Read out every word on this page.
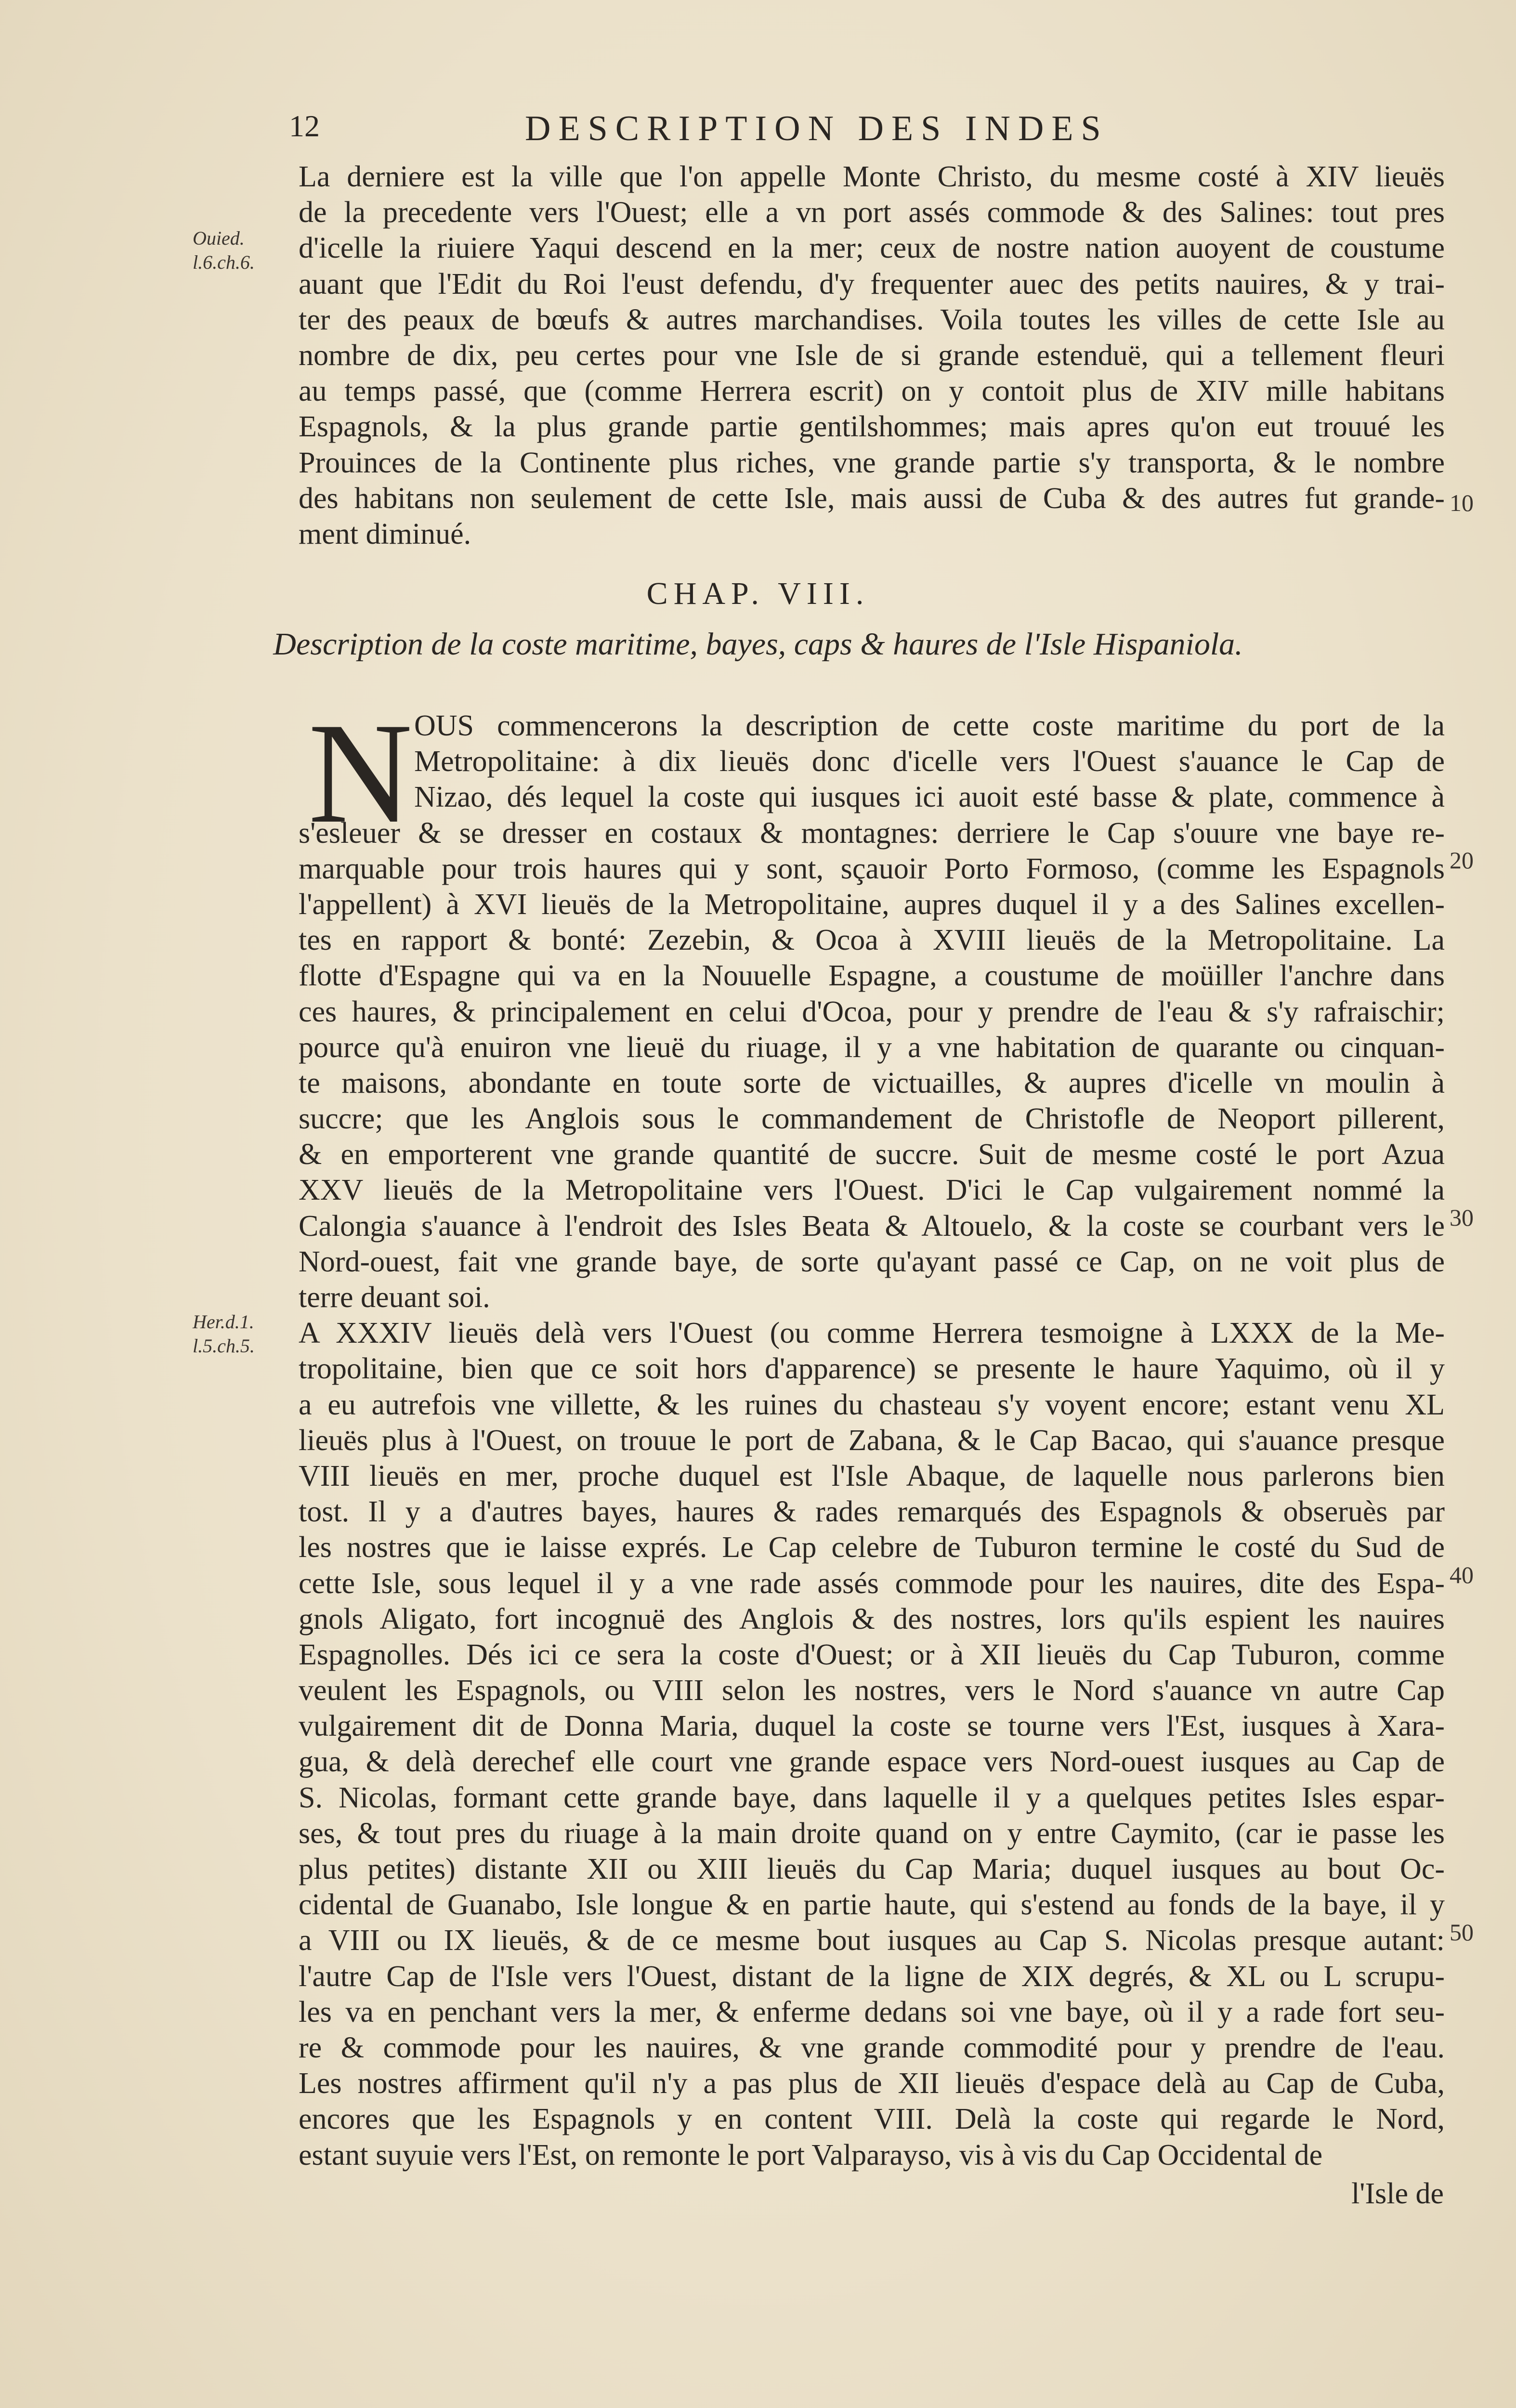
12	DESCRIPTION DES INDES
Ouied. l.6.ch.6.
Her.d.1. l.5.ch.5.
La derniere est la ville que l'on appelle Monte Christo, du mesme costé à XIV lieuës
de la precedente vers l'Ouest; elle a vn port assés commode & des Salines: tout pres
d'icelle la riuiere Yaqui descend en la mer; ceux de nostre nation auoyent de coustume
auant que l'Edit du Roi l'eust defendu, d'y frequenter auec des petits nauires, & y trai-
ter des peaux de bœufs & autres marchandises. Voila toutes les villes de cette Isle au
nombre de dix, peu certes pour vne Isle de si grande estenduë, qui a tellement fleuri
au temps passé, que (comme Herrera escrit) on y contoit plus de XIV mille habitans
Espagnols, & la plus grande partie gentilshommes; mais apres qu'on eut trouué les
Prouinces de la Continente plus riches, vne grande partie s'y transporta, & le nombre
des habitans non seulement de cette Isle, mais aussi de Cuba & des autres fut grande-
ment diminué.
CHAP. VIII.
Description de la coste maritime, bayes, caps & haures de l'Isle Hispaniola.
N OUS commencerons la description de cette coste maritime du port de la
Metropolitaine: à dix lieuës donc d'icelle vers l'Ouest s'auance le Cap de
Nizao, dés lequel la coste qui iusques ici auoit esté basse & plate, commence à
s'esleuer & se dresser en costaux & montagnes: derriere le Cap s'ouure vne baye re-
marquable pour trois haures qui y sont, sçauoir Porto Formoso, (comme les Espagnols
l'appellent) à XVI lieuës de la Metropolitaine, aupres duquel il y a des Salines excellen-
tes en rapport & bonté: Zezebin, & Ocoa à XVIII lieuës de la Metropolitaine. La
flotte d'Espagne qui va en la Nouuelle Espagne, a coustume de moüiller l'anchre dans
ces haures, & principalement en celui d'Ocoa, pour y prendre de l'eau & s'y rafraischir;
pource qu'à enuiron vne lieuë du riuage, il y a vne habitation de quarante ou cinquan-
te maisons, abondante en toute sorte de victuailles, & aupres d'icelle vn moulin à
succre; que les Anglois sous le commandement de Christofle de Neoport pillerent,
& en emporterent vne grande quantité de succre. Suit de mesme costé le port Azua
XXV lieuës de la Metropolitaine vers l'Ouest. D'ici le Cap vulgairement nommé la
Calongia s'auance à l'endroit des Isles Beata & Altouelo, & la coste se courbant vers le
Nord-ouest, fait vne grande baye, de sorte qu'ayant passé ce Cap, on ne voit plus de
terre deuant soi.
A XXXIV lieuës delà vers l'Ouest (ou comme Herrera tesmoigne à LXXX de la Me-
tropolitaine, bien que ce soit hors d'apparence) se presente le haure Yaquimo, où il y
a eu autrefois vne villette, & les ruines du chasteau s'y voyent encore; estant venu XL
lieuës plus à l'Ouest, on trouue le port de Zabana, & le Cap Bacao, qui s'auance presque
VIII lieuës en mer, proche duquel est l'Isle Abaque, de laquelle nous parlerons bien
tost. Il y a d'autres bayes, haures & rades remarqués des Espagnols & obseruès par
les nostres que ie laisse exprés. Le Cap celebre de Tuburon termine le costé du Sud de
cette Isle, sous lequel il y a vne rade assés commode pour les nauires, dite des Espa-
gnols Aligato, fort incognuë des Anglois & des nostres, lors qu'ils espient les nauires
Espagnolles. Dés ici ce sera la coste d'Ouest; or à XII lieuës du Cap Tuburon, comme
veulent les Espagnols, ou VIII selon les nostres, vers le Nord s'auance vn autre Cap
vulgairement dit de Donna Maria, duquel la coste se tourne vers l'Est, iusques à Xara-
gua, & delà derechef elle court vne grande espace vers Nord-ouest iusques au Cap de
S. Nicolas, formant cette grande baye, dans laquelle il y a quelques petites Isles espar-
ses, & tout pres du riuage à la main droite quand on y entre Caymito, (car ie passe les
plus petites) distante XII ou XIII lieuës du Cap Maria; duquel iusques au bout Oc-
cidental de Guanabo, Isle longue & en partie haute, qui s'estend au fonds de la baye, il y
a VIII ou IX lieuës, & de ce mesme bout iusques au Cap S. Nicolas presque autant:
l'autre Cap de l'Isle vers l'Ouest, distant de la ligne de XIX degrés, & XL ou L scrupu-
les va en penchant vers la mer, & enferme dedans soi vne baye, où il y a rade fort seu-
re & commode pour les nauires, & vne grande commodité pour y prendre de l'eau.
Les nostres affirment qu'il n'y a pas plus de XII lieuës d'espace delà au Cap de Cuba,
encores que les Espagnols y en content VIII. Delà la coste qui regarde le Nord,
estant suyuie vers l'Est, on remonte le port Valparayso, vis à vis du Cap Occidental de
10
20
30
40
50
l'Isle de
